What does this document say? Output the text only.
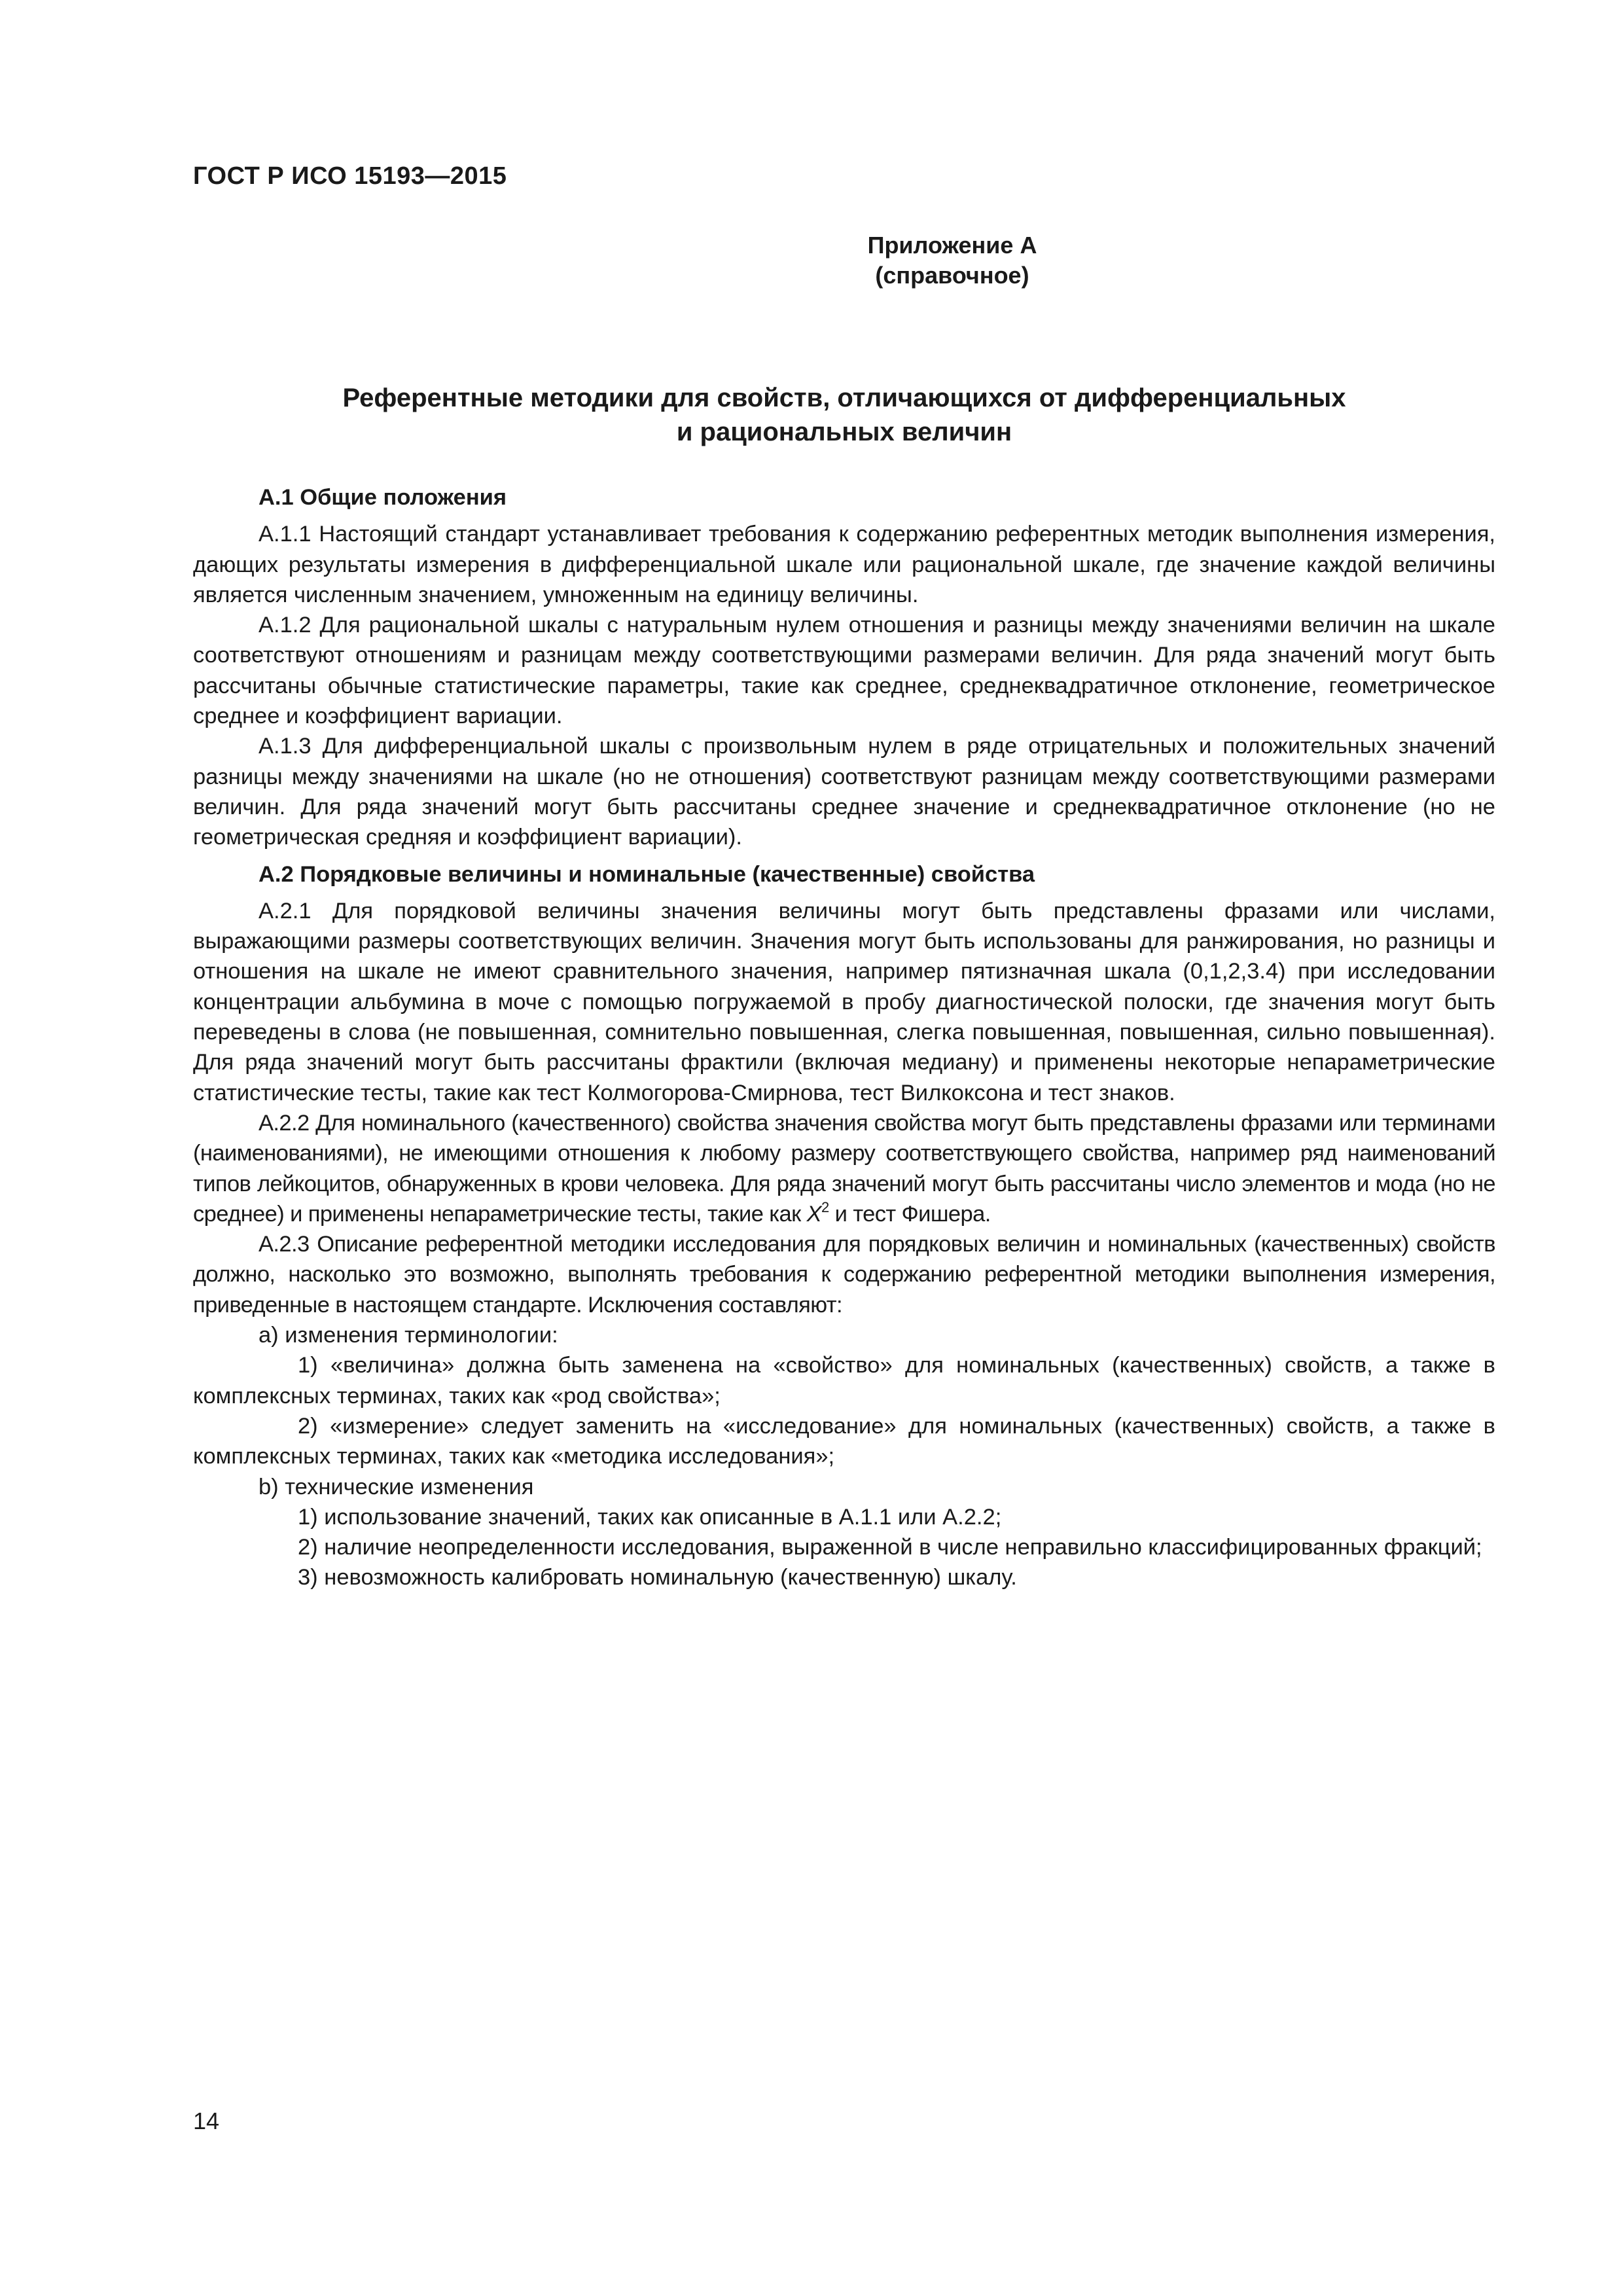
ГОСТ Р ИСО 15193—2015
Приложение А
(справочное)
Референтные методики для свойств, отличающихся от дифференциальных
и рациональных величин

А.1 Общие положения

А.1.1 Настоящий стандарт устанавливает требования к содержанию референтных методик выполнения измерения, дающих результаты измерения в дифференциальной шкале или рациональной шкале, где значение каждой величины является численным значением, умноженным на единицу величины.

А.1.2 Для рациональной шкалы с натуральным нулем отношения и разницы между значениями величин на шкале соответствуют отношениям и разницам между соответствующими размерами величин. Для ряда значений могут быть рассчитаны обычные статистические параметры, такие как среднее, среднеквадратичное отклонение, геометрическое среднее и коэффициент вариации.

А.1.3 Для дифференциальной шкалы с произвольным нулем в ряде отрицательных и положительных значений разницы между значениями на шкале (но не отношения) соответствуют разницам между соответствующими размерами величин. Для ряда значений могут быть рассчитаны среднее значение и среднеквадратичное отклонение (но не геометрическая средняя и коэффициент вариации).

А.2 Порядковые величины и номинальные (качественные) свойства

А.2.1 Для порядковой величины значения величины могут быть представлены фразами или числами, выражающими размеры соответствующих величин. Значения могут быть использованы для ранжирования, но разницы и отношения на шкале не имеют сравнительного значения, например пятизначная шкала (0,1,2,3.4) при исследовании концентрации альбумина в моче с помощью погружаемой в пробу диагностической полоски, где значения могут быть переведены в слова (не повышенная, сомнительно повышенная, слегка повышенная, повышенная, сильно повышенная). Для ряда значений могут быть рассчитаны фрактили (включая медиану) и применены некоторые непараметрические статистические тесты, такие как тест Колмогорова-Смирнова, тест Вилкоксона и тест знаков.

А.2.2 Для номинального (качественного) свойства значения свойства могут быть представлены фразами или терминами (наименованиями), не имеющими отношения к любому размеру соответствующего свойства, например ряд наименований типов лейкоцитов, обнаруженных в крови человека. Для ряда значений могут быть рассчитаны число элементов и мода (но не среднее) и применены непараметрические тесты, такие как $X^2$ и тест Фишера.

А.2.3 Описание референтной методики исследования для порядковых величин и номинальных (качественных) свойств должно, насколько это возможно, выполнять требования к содержанию референтной методики выполнения измерения, приведенные в настоящем стандарте. Исключения составляют:

a) изменения терминологии:

1) «величина» должна быть заменена на «свойство» для номинальных (качественных) свойств, а также в комплексных терминах, таких как «род свойства»;

2) «измерение» следует заменить на «исследование» для номинальных (качественных) свойств, а также в комплексных терминах, таких как «методика исследования»;

b) технические изменения

1) использование значений, таких как описанные в А.1.1 или А.2.2;

2) наличие неопределенности исследования, выраженной в числе неправильно классифицированных фракций;

3) невозможность калибровать номинальную (качественную) шкалу.

14
